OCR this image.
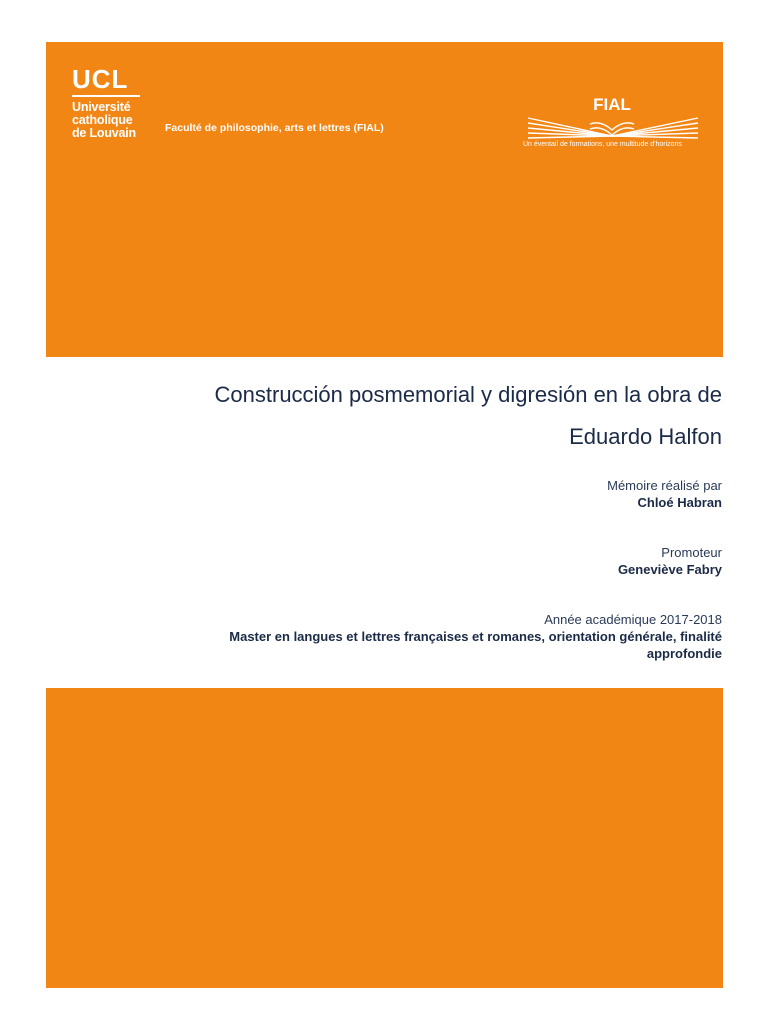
UCL
Université
catholique
de Louvain	Faculté de philosophie, arts et lettres (FIAL)
FIAL
Un éventail de formations, une multitude d'horizons
Construcción posmemorial y digresión en la obra de
Eduardo Halfon
Mémoire réalisé par
Chloé Habran
Promoteur
Geneviève Fabry
Année académique 2017-2018
Master en langues et lettres françaises et romanes, orientation générale, finalité
approfondie
